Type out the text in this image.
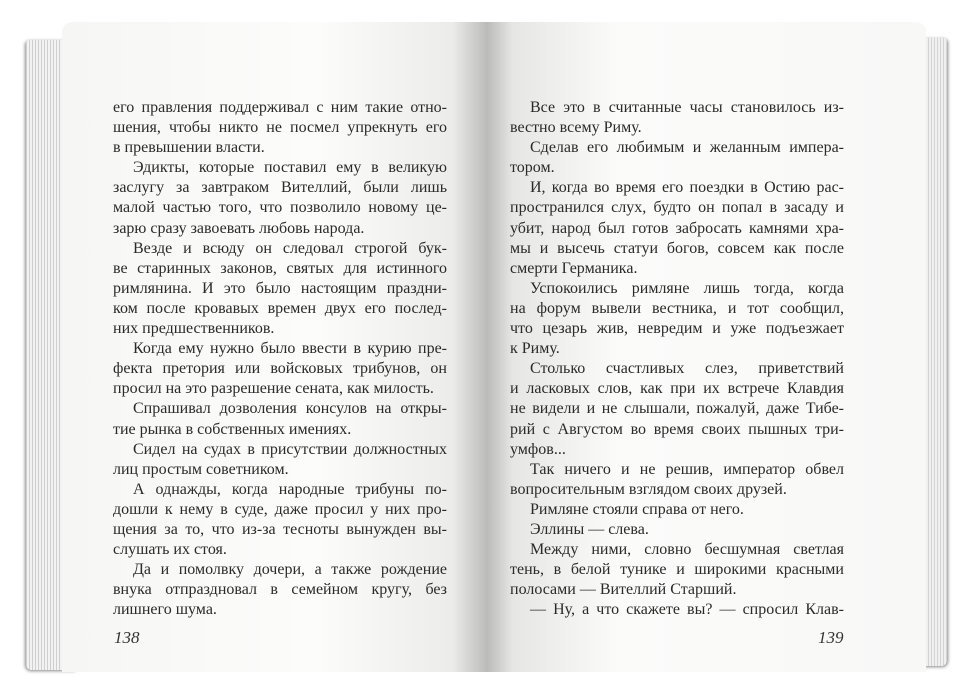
его правления поддерживал с ним такие отно-
шения, чтобы никто не посмел упрекнуть его
в превышении власти.
Эдикты, которые поставил ему в великую
заслугу за завтраком Вителлий, были лишь
малой частью того, что позволило новому це-
зарю сразу завоевать любовь народа.
Везде и всюду он следовал строгой бук-
ве старинных законов, святых для истинного
римлянина. И это было настоящим праздни-
ком после кровавых времен двух его послед-
них предшественников.
Когда ему нужно было ввести в курию пре-
фекта претория или войсковых трибунов, он
просил на это разрешение сената, как милость.
Спрашивал дозволения консулов на откры-
тие рынка в собственных имениях.
Сидел на судах в присутствии должностных
лиц простым советником.
А однажды, когда народные трибуны по-
дошли к нему в суде, даже просил у них про-
щения за то, что из-за тесноты вынужден вы-
слушать их стоя.
Да и помолвку дочери, а также рождение
внука отпраздновал в семейном кругу, без
лишнего шума.
138
Все это в считанные часы становилось из-
вестно всему Риму.
Сделав его любимым и желанным импера-
тором.
И, когда во время его поездки в Остию рас-
пространился слух, будто он попал в засаду и
убит, народ был готов забросать камнями хра-
мы и высечь статуи богов, совсем как после
смерти Германика.
Успокоились римляне лишь тогда, когда
на форум вывели вестника, и тот сообщил,
что цезарь жив, невредим и уже подъезжает
к Риму.
Столько счастливых слез, приветствий
и ласковых слов, как при их встрече Клавдия
не видели и не слышали, пожалуй, даже Тибе-
рий с Августом во время своих пышных три-
умфов...
Так ничего и не решив, император обвел
вопросительным взглядом своих друзей.
Римляне стояли справа от него.
Эллины — слева.
Между ними, словно бесшумная светлая
тень, в белой тунике и широкими красными
полосами — Вителлий Старший.
— Ну, а что скажете вы? — спросил Клав-
139
